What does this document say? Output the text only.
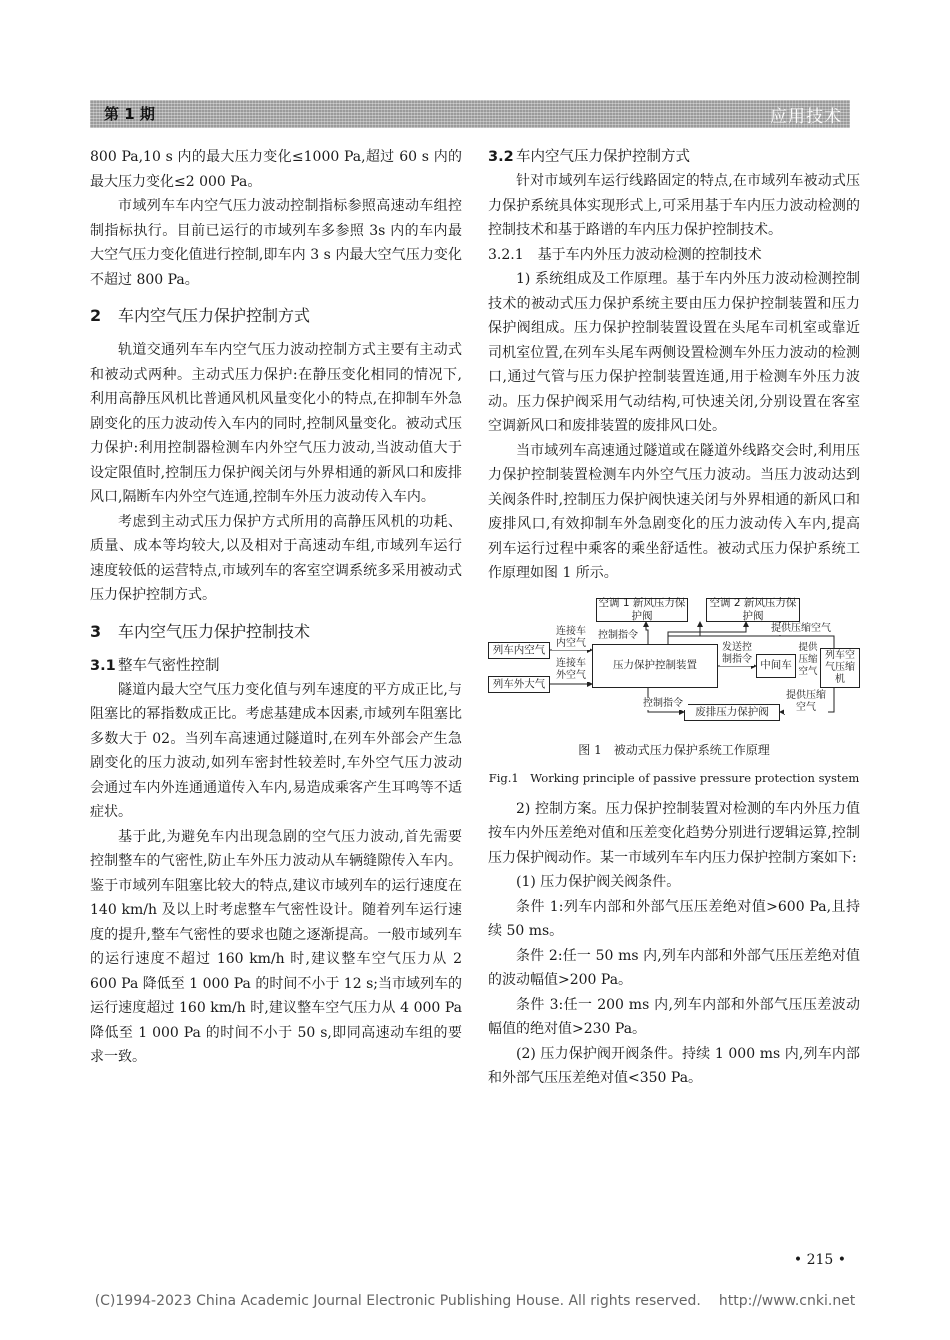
第 1 期	应用技术

800 Pa,10 s 内的最大压力变化≤1000 Pa,超过 60 s 内的最大压力变化≤2 000 Pa。

市域列车车内空气压力波动控制指标参照高速动车组控制指标执行。目前已运行的市域列车多参照 3s 内的车内最大空气压力变化值进行控制,即车内 3 s 内最大空气压力变化不超过 800 Pa。

2 车内空气压力保护控制方式

轨道交通列车车内空气压力波动控制方式主要有主动式和被动式两种。主动式压力保护:在静压变化相同的情况下,利用高静压风机比普通风机风量变化小的特点,在抑制车外急剧变化的压力波动传入车内的同时,控制风量变化。被动式压力保护:利用控制器检测车内外空气压力波动,当波动值大于设定限值时,控制压力保护阀关闭与外界相通的新风口和废排风口,隔断车内外空气连通,控制车外压力波动传入车内。

考虑到主动式压力保护方式所用的高静压风机的功耗、质量、成本等均较大,以及相对于高速动车组,市域列车运行速度较低的运营特点,市域列车的客室空调系统多采用被动式压力保护控制方式。

3 车内空气压力保护控制技术
3.1 整车气密性控制

隧道内最大空气压力变化值与列车速度的平方成正比,与阻塞比的幂指数成正比。考虑基建成本因素,市域列车阻塞比多数大于 02。当列车高速通过隧道时,在列车外部会产生急剧变化的压力波动,如列车密封性较差时,车外空气压力波动会通过车内外连通通道传入车内,易造成乘客产生耳鸣等不适症状。

基于此,为避免车内出现急剧的空气压力波动,首先需要控制整车的气密性,防止车外压力波动从车辆缝隙传入车内。鉴于市域列车阻塞比较大的特点,建议市域列车的运行速度在 140 km/h 及以上时考虑整车气密性设计。随着列车运行速度的提升,整车气密性的要求也随之逐渐提高。一般市域列车的运行速度不超过 160 km/h 时,建议整车空气压力从 2 600 Pa 降低至 1 000 Pa 的时间不小于 12 s;当市域列车的运行速度超过 160 km/h 时,建议整车空气压力从 4 000 Pa 降低至 1 000 Pa 的时间不小于 50 s,即同高速动车组的要求一致。

3.2 车内空气压力保护控制方式

针对市域列车运行线路固定的特点,在市域列车被动式压力保护系统具体实现形式上,可采用基于车内压力波动检测的控制技术和基于路谱的车内压力保护控制技术。

3.2.1　基于车内外压力波动检测的控制技术

1) 系统组成及工作原理。基于车内外压力波动检测控制技术的被动式压力保护系统主要由压力保护控制装置和压力保护阀组成。压力保护控制装置设置在头尾车司机室或靠近司机室位置,在列车头尾车两侧设置检测车外压力波动的检测口,通过气管与压力保护控制装置连通,用于检测车外压力波动。压力保护阀采用气动结构,可快速关闭,分别设置在客室空调新风口和废排装置的废排风口处。

当市域列车高速通过隧道或在隧道外线路交会时,利用压力保护控制装置检测车内外空气压力波动。当压力波动达到关阀条件时,控制压力保护阀快速关闭与外界相通的新风口和废排风口,有效抑制车外急剧变化的压力波动传入车内,提高列车运行过程中乘客的乘坐舒适性。被动式压力保护系统工作原理如图 1 所示。

空调 1 新风压力保护阀
空调 2 新风压力保护阀
列车内空气
列车外大气
压力保护控制装置	中间车
列车空气压缩机
废排压力保护阀
连接车内空气
连接车外空气
控制指令
发送控制指令
提供压缩空气
提供压缩空气
控制指令
提供压缩空气
图 1　被动式压力保护系统工作原理
Fig.1　Working principle of passive pressure protection system

2) 控制方案。压力保护控制装置对检测的车内外压力值按车内外压差绝对值和压差变化趋势分别进行逻辑运算,控制压力保护阀动作。某一市域列车车内压力保护控制方案如下:

(1) 压力保护阀关阀条件。

条件 1:列车内部和外部气压压差绝对值>600 Pa,且持续 50 ms。

条件 2:任一 50 ms 内,列车内部和外部气压压差绝对值的波动幅值>200 Pa。

条件 3:任一 200 ms 内,列车内部和外部气压压差波动幅值的绝对值>230 Pa。

(2) 压力保护阀开阀条件。持续 1 000 ms 内,列车内部和外部气压压差绝对值<350 Pa。

• 215 •
(C)1994-2023 China Academic Journal Electronic Publishing House. All rights reserved. http://www.cnki.net
